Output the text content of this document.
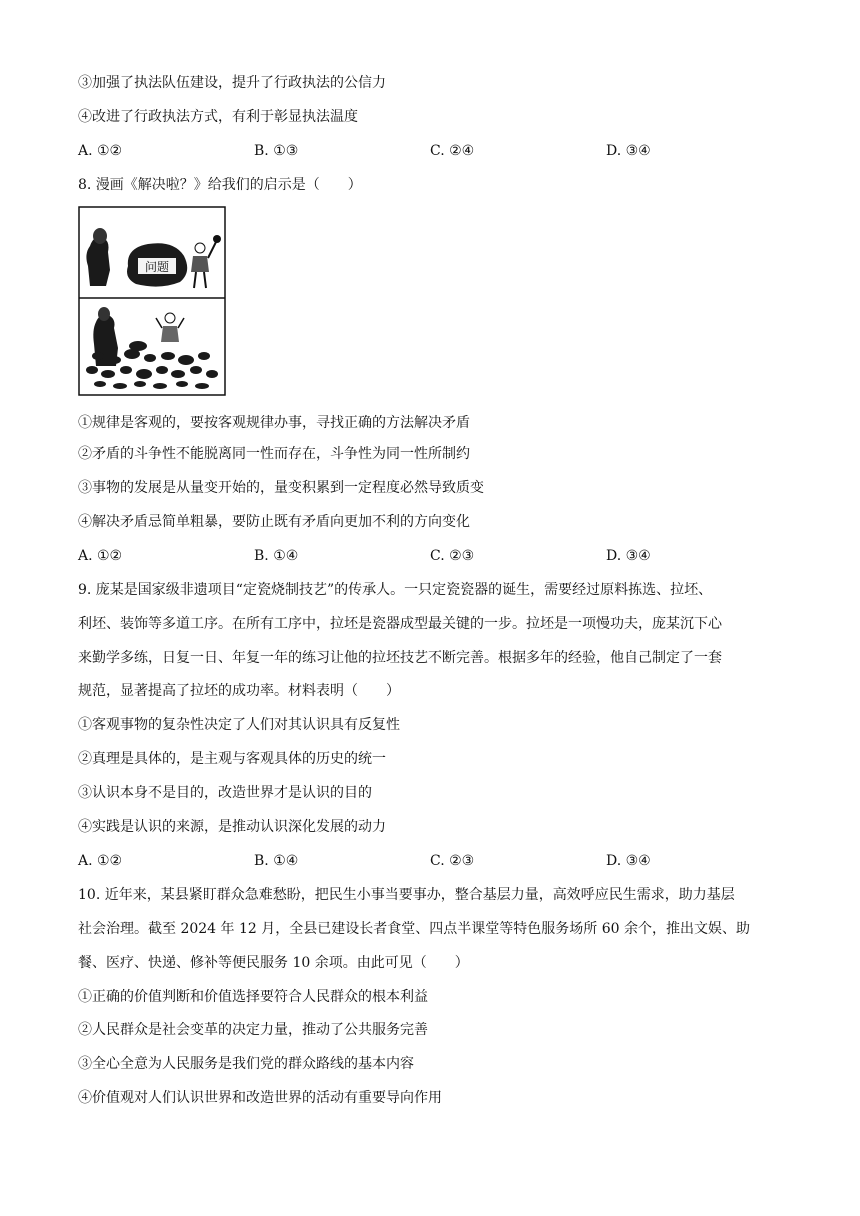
③加强了执法队伍建设，提升了行政执法的公信力
④改进了行政执法方式，有利于彰显执法温度
A. ①②	B. ①③	C. ②④	D. ③④
8. 漫画《解决啦？》给我们的启示是（　　）
问题
①规律是客观的，要按客观规律办事，寻找正确的方法解决矛盾
②矛盾的斗争性不能脱离同一性而存在，斗争性为同一性所制约
③事物的发展是从量变开始的，量变积累到一定程度必然导致质变
④解决矛盾忌简单粗暴，要防止既有矛盾向更加不利的方向变化
A. ①②	B. ①④	C. ②③	D. ③④
9. 庞某是国家级非遗项目“定瓷烧制技艺”的传承人。一只定瓷瓷器的诞生，需要经过原料拣选、拉坯、
利坯、装饰等多道工序。在所有工序中，拉坯是瓷器成型最关键的一步。拉坯是一项慢功夫，庞某沉下心
来勤学多练，日复一日、年复一年的练习让他的拉坯技艺不断完善。根据多年的经验，他自己制定了一套
规范，显著提高了拉坯的成功率。材料表明（　　）
①客观事物的复杂性决定了人们对其认识具有反复性
②真理是具体的，是主观与客观具体的历史的统一
③认识本身不是目的，改造世界才是认识的目的
④实践是认识的来源，是推动认识深化发展的动力
A. ①②	B. ①④	C. ②③	D. ③④
10. 近年来，某县紧盯群众急难愁盼，把民生小事当要事办，整合基层力量，高效呼应民生需求，助力基层
社会治理。截至 2024 年 12 月，全县已建设长者食堂、四点半课堂等特色服务场所 60 余个，推出文娱、助
餐、医疗、快递、修补等便民服务 10 余项。由此可见（　　）
①正确的价值判断和价值选择要符合人民群众的根本利益
②人民群众是社会变革的决定力量，推动了公共服务完善
③全心全意为人民服务是我们党的群众路线的基本内容
④价值观对人们认识世界和改造世界的活动有重要导向作用
